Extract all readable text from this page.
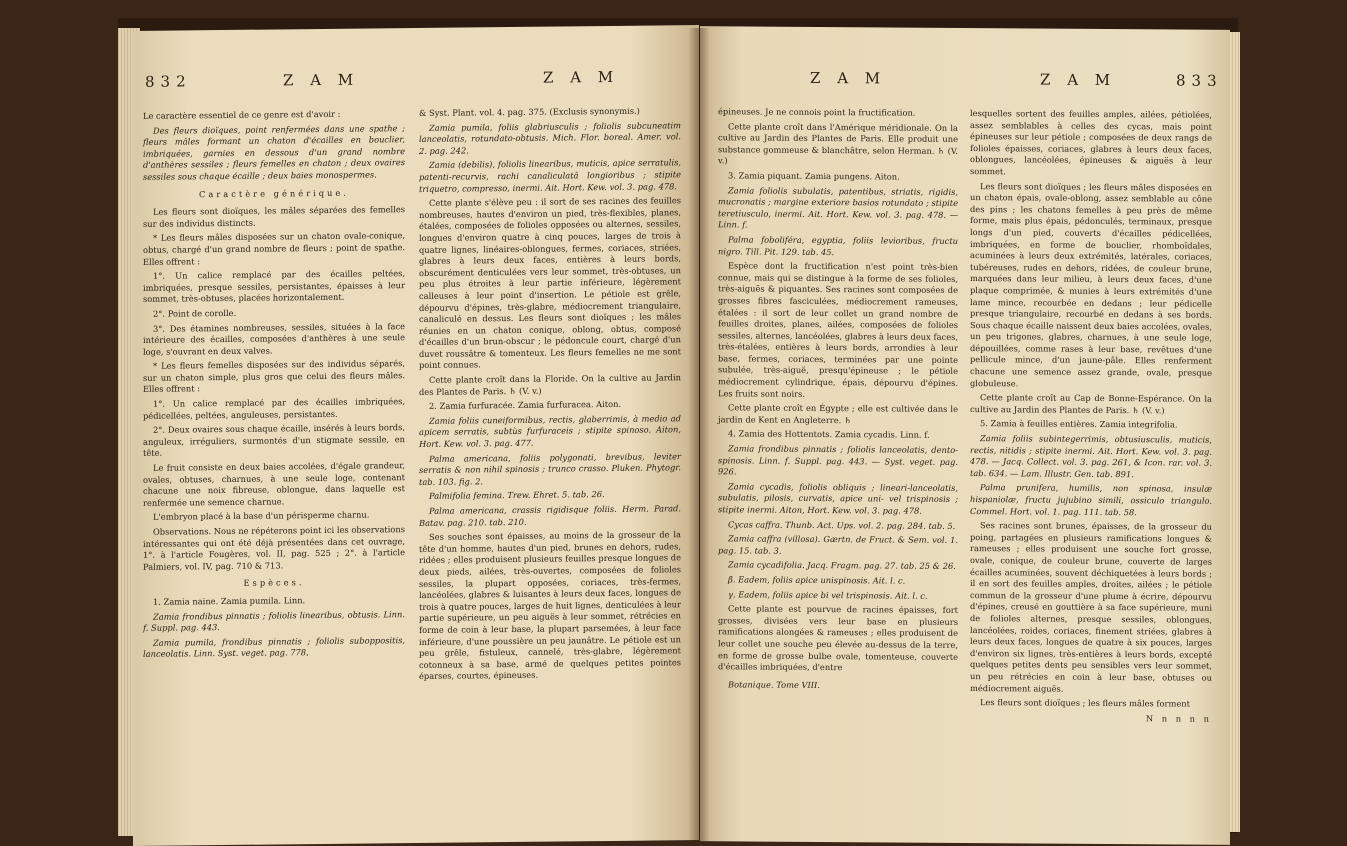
832	Z A M	Z A M

Le caractère essentiel de ce genre est d'avoir :

Des fleurs dioïques, point renfermées dans une spathe ; fleurs mâles formant un chaton d'écailles en bouclier, imbriquées, garnies en dessous d'un grand nombre d'anthères sessiles ; fleurs femelles en chaton ; deux ovaires sessiles sous chaque écaille ; deux baies monospermes.

Caractère générique.

Les fleurs sont dioïques, les mâles séparées des femelles sur des individus distincts.

* Les fleurs mâles disposées sur un chaton ovale-conique, obtus, chargé d'un grand nombre de fleurs ; point de spathe. Elles offrent :

1°. Un calice remplacé par des écailles peltées, imbriquées, presque sessiles, persistantes, épaisses à leur sommet, très-obtuses, placées horizontalement.

2°. Point de corolle.

3°. Des étamines nombreuses, sessiles, situées à la face intérieure des écailles, composées d'anthères à une seule loge, s'ouvrant en deux valves.

* Les fleurs femelles disposées sur des individus séparés, sur un chaton simple, plus gros que celui des fleurs mâles. Elles offrent :

1°. Un calice remplacé par des écailles imbriquées, pédicellées, peltées, anguleuses, persistantes.

2°. Deux ovaires sous chaque écaille, insérés à leurs bords, anguleux, irréguliers, surmontés d'un stigmate sessile, en tête.

Le fruit consiste en deux baies accolées, d'égale grandeur, ovales, obtuses, charnues, à une seule loge, contenant chacune une noix fibreuse, oblongue, dans laquelle est renfermée une semence charnue.

L'embryon placé à la base d'un périsperme charnu.

Observations. Nous ne répéterons point ici les observations intéressantes qui ont été déjà présentées dans cet ouvrage, 1°. à l'article Fougères, vol. II, pag. 525 ; 2°. à l'article Palmiers, vol. IV, pag. 710 & 713.

Espèces.

1. Zamia naine. Zamia pumila. Linn.

Zamia frondibus pinnatis ; foliolis linearibus, obtusis. Linn. f. Suppl. pag. 443.

Zamia pumila, frondibus pinnatis ; foliolis suboppositis, lanceolatis. Linn. Syst. veget. pag. 778,

& Syst. Plant. vol. 4. pag. 375. (Exclusis synonymis.)

Zamia pumila, foliis glabriusculis ; foliolis subcuneatim lanceolatis, rotundato-obtusis. Mich. Flor. boreal. Amer. vol. 2. pag. 242.

Zamia (debilis), foliolis linearibus, muticis, apice serratulis, patenti-recurvis, rachi canaliculatâ longioribus ; stipite triquetro, compresso, inermi. Ait. Hort. Kew. vol. 3. pag. 478.

Cette plante s'élève peu : il sort de ses racines des feuilles nombreuses, hautes d'environ un pied, très-flexibles, planes, étalées, composées de folioles opposées ou alternes, sessiles, longues d'environ quatre à cinq pouces, larges de trois à quatre lignes, linéaires-oblongues, fermes, coriaces, striées, glabres à leurs deux faces, entières à leurs bords, obscurément denticulées vers leur sommet, très-obtuses, un peu plus étroites à leur partie inférieure, légèrement calleuses à leur point d'insertion. Le pétiole est grêle, dépourvu d'épines, très-glabre, médiocrement triangulaire, canaliculé en dessus. Les fleurs sont dioïques ; les mâles réunies en un chaton conique, oblong, obtus, composé d'écailles d'un brun-obscur ; le pédoncule court, chargé d'un duvet roussâtre & tomenteux. Les fleurs femelles ne me sont point connues.

Cette plante croît dans la Floride. On la cultive au Jardin des Plantes de Paris. ♄ (V. v.)

2. Zamia furfuracée. Zamia furfuracea. Aiton.

Zamia foliis cuneiformibus, rectis, glaberrimis, à medio ad apicem serratis, subtùs furfuraceis ; stipite spinoso. Aiton, Hort. Kew. vol. 3. pag. 477.

Palma americana, foliis polygonati, brevibus, leviter serratis & non nihil spinosis ; trunco crasso. Pluken. Phytogr. tab. 103. fig. 2.

Palmifolia femina. Trew. Ehret. 5. tab. 26.

Palma americana, crassis rigidisque foliis. Herm. Parad. Batav. pag. 210. tab. 210.

Ses souches sont épaisses, au moins de la grosseur de la tête d'un homme, hautes d'un pied, brunes en dehors, rudes, ridées ; elles produisent plusieurs feuilles presque longues de deux pieds, ailées, très-ouvertes, composées de folioles sessiles, la plupart opposées, coriaces, très-fermes, lancéolées, glabres & luisantes à leurs deux faces, longues de trois à quatre pouces, larges de huit lignes, denticulées à leur partie supérieure, un peu aiguës à leur sommet, rétrécies en forme de coin à leur base, la plupart parsemées, à leur face inférieure, d'une poussière un peu jaunâtre. Le pétiole est un peu grêle, fistuleux, cannelé, très-glabre, légèrement cotonneux à sa base, armé de quelques petites pointes éparses, courtes, épineuses.

Z A M	Z A M	833

épineuses. Je ne connois point la fructification.

Cette plante croît dans l'Amérique méridionale. On la cultive au Jardin des Plantes de Paris. Elle produit une substance gommeuse & blanchâtre, selon Herman. ♄ (V. v.)

3. Zamia piquant. Zamia pungens. Aiton.

Zamia foliolis subulatis, patentibus, striatis, rigidis, mucronatis ; margine exteriore basios rotundato ; stipite teretiusculo, inermi. Ait. Hort. Kew. vol. 3. pag. 478. — Linn. f.

Palma foboliféra, egyptia, foliis levioribus, fructu nigro. Till. Pit. 129. tab. 45.

Espèce dont la fructification n'est point très-bien connue, mais qui se distingue à la forme de ses folioles, très-aiguës & piquantes. Ses racines sont composées de grosses fibres fasciculées, médiocrement rameuses, étalées : il sort de leur collet un grand nombre de feuilles droites, planes, ailées, composées de folioles sessiles, alternes, lancéolées, glabres à leurs deux faces, très-étalées, entières à leurs bords, arrondies à leur base, fermes, coriaces, terminées par une pointe subulée, très-aiguë, presqu'épineuse ; le pétiole médiocrement cylindrique, épais, dépourvu d'épines. Les fruits sont noirs.

Cette plante croît en Égypte ; elle est cultivée dans le jardin de Kent en Angleterre. ♄

4. Zamia des Hottentots. Zamia cycadis. Linn. f.

Zamia frondibus pinnatis ; foliolis lanceolatis, dento-spinosis. Linn. f. Suppl. pag. 443. — Syst. veget. pag. 926.

Zamia cycadis, foliolis obliquis ; lineari-lanceolatis, subulatis, pilosis, curvatis, apice uni- vel trispinosis ; stipite inermi. Aiton, Hort. Kew. vol. 3. pag. 478.

Cycas caffra. Thunb. Act. Ups. vol. 2. pag. 284. tab. 5.

Zamia caffra (villosa). Gærtn. de Fruct. & Sem. vol. 1. pag. 15. tab. 3.

Zamia cycadifolia. Jacq. Fragm. pag. 27. tab. 25 & 26.

β. Eadem, foliis apice unispinosis. Ait. l. c.

γ. Eadem, foliis apice bi vel trispinosis. Ait. l. c.

Cette plante est pourvue de racines épaisses, fort grosses, divisées vers leur base en plusieurs ramifications alongées & rameuses ; elles produisent de leur collet une souche peu élevée au-dessus de la terre, en forme de grosse bulbe ovale, tomenteuse, couverte d'écailles imbriquées, d'entre

Botanique. Tome VIII.

lesquelles sortent des feuilles amples, ailées, pétiolées, assez semblables à celles des cycas, mais point épineuses sur leur pétiole ; composées de deux rangs de folioles épaisses, coriaces, glabres à leurs deux faces, oblongues, lancéolées, épineuses & aiguës à leur sommet.

Les fleurs sont dioïques ; les fleurs mâles disposées en un chaton épais, ovale-oblong, assez semblable au cône des pins ; les chatons femelles à peu près de même forme, mais plus épais, pédonculés, terminaux, presque longs d'un pied, couverts d'écailles pédicellées, imbriquées, en forme de bouclier, rhomboïdales, acuminées à leurs deux extrémités, latérales, coriaces, tubéreuses, rudes en dehors, ridées, de couleur brune, marquées dans leur milieu, à leurs deux faces, d'une plaque comprimée, & munies à leurs extrémités d'une lame mince, recourbée en dedans ; leur pédicelle presque triangulaire, recourbé en dedans à ses bords. Sous chaque écaille naissent deux baies accolées, ovales, un peu trigones, glabres, charnues, à une seule loge, dépouillées, comme rases à leur base, revêtues d'une pellicule mince, d'un jaune-pâle. Elles renferment chacune une semence assez grande, ovale, presque globuleuse.

Cette plante croît au Cap de Bonne-Espérance. On la cultive au Jardin des Plantes de Paris. ♄ (V. v.)

5. Zamia à feuilles entières. Zamia integrifolia.

Zamia foliis subintegerrimis, obtusiusculis, muticis, rectis, nitidis ; stipite inermi. Ait. Hort. Kew. vol. 3. pag. 478. — Jacq. Collect. vol. 3. pag. 261, & Icon. rar. vol. 3. tab. 634. — Lam. Illustr. Gen. tab. 891.

Palma prunifera, humilis, non spinosa, insulæ hispaniolæ, fructu jujubino simili, ossiculo triangulo. Commel. Hort. vol. 1. pag. 111. tab. 58.

Ses racines sont brunes, épaisses, de la grosseur du poing, partagées en plusieurs ramifications longues & rameuses ; elles produisent une souche fort grosse, ovale, conique, de couleur brune, couverte de larges écailles acuminées, souvent déchiquetées à leurs bords ; il en sort des feuilles amples, droites, ailées ; le pétiole commun de la grosseur d'une plume à écrire, dépourvu d'épines, creusé en gouttière à sa face supérieure, muni de folioles alternes, presque sessiles, oblongues, lancéolées, roides, coriaces, finement striées, glabres à leurs deux faces, longues de quatre à six pouces, larges d'environ six lignes, très-entières à leurs bords, excepté quelques petites dents peu sensibles vers leur sommet, un peu rétrécies en coin à leur base, obtuses ou médiocrement aiguës.

Les fleurs sont dioïques ; les fleurs mâles forment

N n n n n
